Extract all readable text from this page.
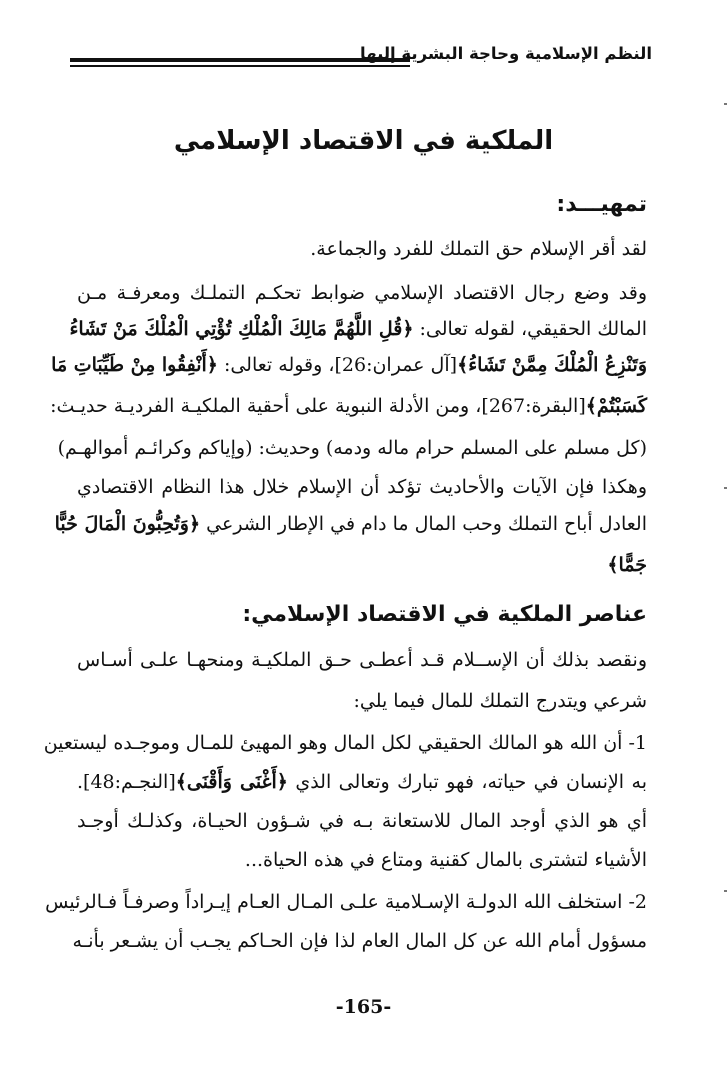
النظم الإسلامية وحاجة البشرية إليها
الملكية في الاقتصاد الإسلامي
تمهيـــد:
لقد أقر الإسلام حق التملك للفرد والجماعة.
وقد وضع رجال الاقتصاد الإسلامي ضوابط تحكـم التملـك ومعرفـة مـن
المالك الحقيقي، لقوله تعالى: ﴿قُلِ اللَّهُمَّ مَالِكَ الْمُلْكِ تُؤْتِي الْمُلْكَ مَنْ تَشَاءُ
وَتَنْزِعُ الْمُلْكَ مِمَّنْ تَشَاءُ﴾[آل عمران:26]، وقوله تعالى: ﴿أَنْفِقُوا مِنْ طَيِّبَاتِ مَا
كَسَبْتُمْ﴾[البقرة:267]، ومن الأدلة النبوية على أحقية الملكيـة الفرديـة حديـث:
(كل مسلم على المسلم حرام ماله ودمه) وحديث: (وإياكم وكرائـم أموالهـم)
وهكذا فإن الآيات والأحاديث تؤكد أن الإسلام خلال هذا النظام الاقتصادي
العادل أباح التملك وحب المال ما دام في الإطار الشرعي ﴿وَتُحِبُّونَ الْمَالَ حُبًّا
جَمًّا﴾
عناصر الملكية في الاقتصاد الإسلامي:
ونقصد بذلك أن الإســلام قـد أعطـى حـق الملكيـة ومنحهـا علـى أسـاس
شرعي ويتدرج التملك للمال فيما يلي:
1- أن الله هو المالك الحقيقي لكل المال وهو المهيئ للمـال وموجـده ليستعين
به الإنسان في حياته، فهو تبارك وتعالى الذي ﴿أَغْنَى وَأَقْنَى﴾[النجـم:48].
أي هو الذي أوجد المال للاستعانة بـه في شـؤون الحيـاة، وكذلـك أوجـد
الأشياء لتشترى بالمال كقنية ومتاع في هذه الحياة...
2- استخلف الله الدولـة الإسـلامية علـى المـال العـام إيـراداً وصرفـاً فـالرئيس
مسؤول أمام الله عن كل المال العام لذا فإن الحـاكم يجـب أن يشـعر بأنـه
-165-
